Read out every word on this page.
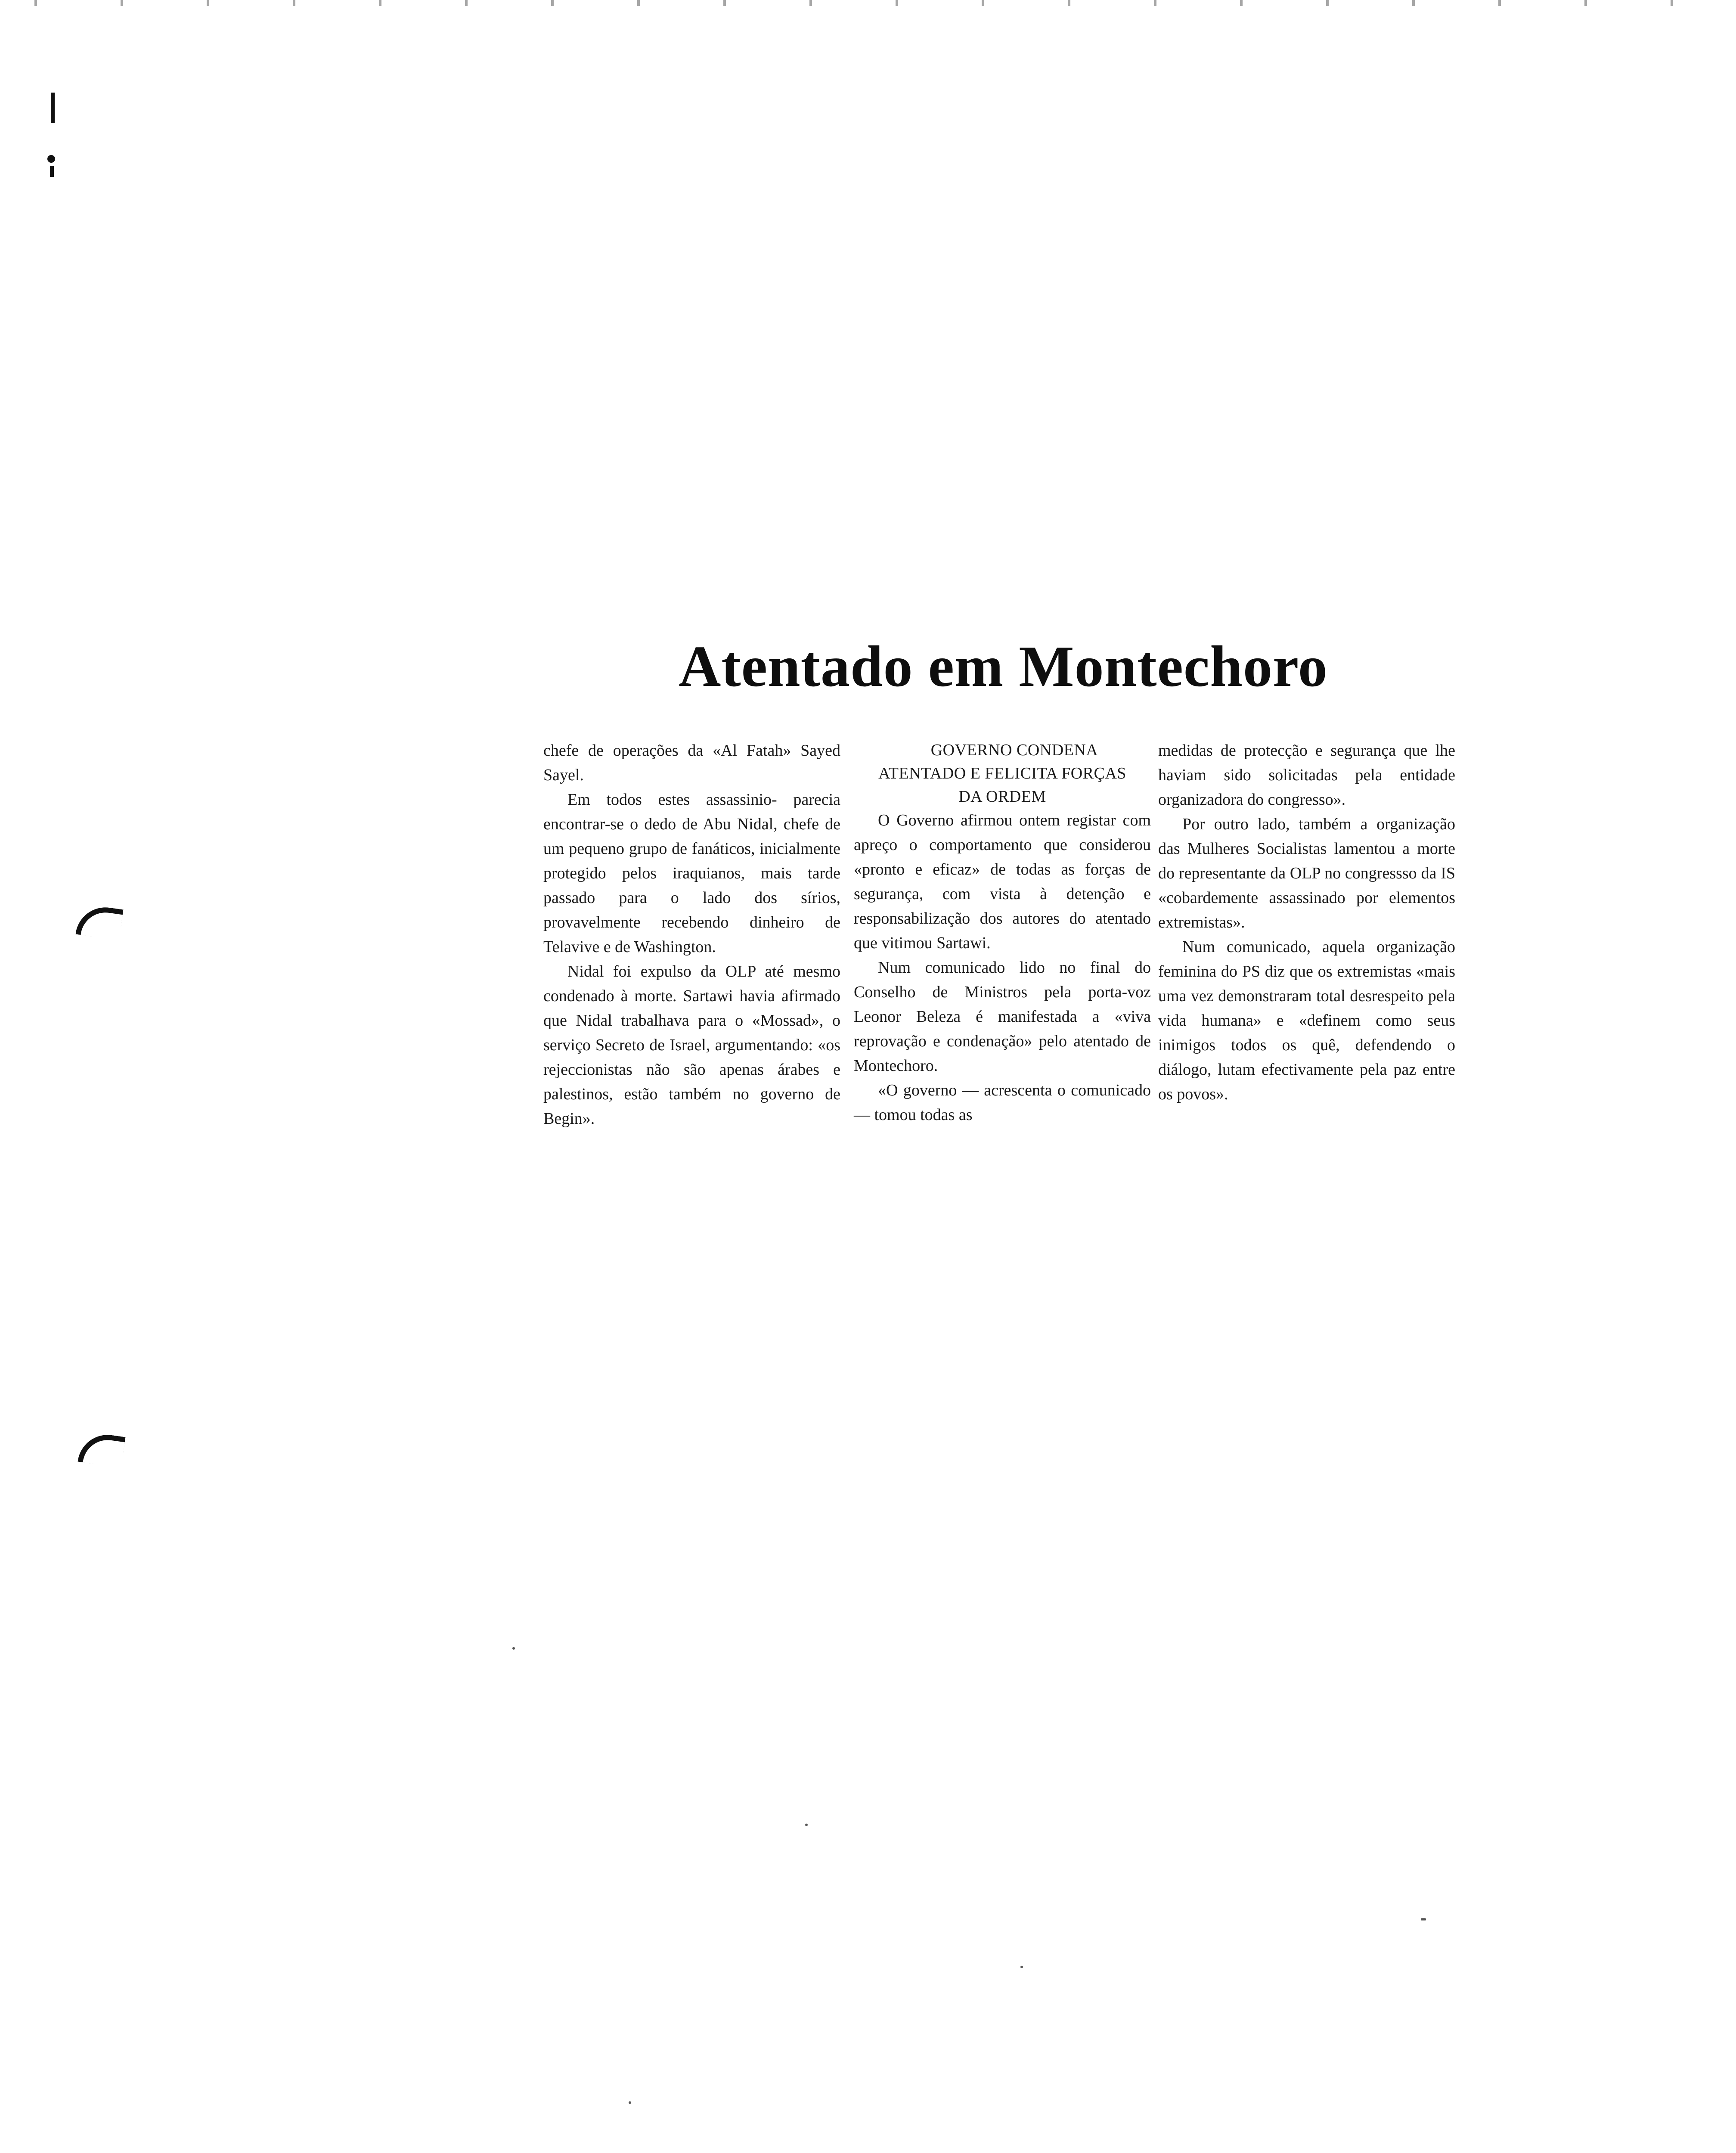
Atentado em Montechoro

chefe de operações da «Al Fatah» Sayed Sayel.

Em todos estes assassinio- parecia encontrar-se o dedo de Abu Nidal, chefe de um pequeno grupo de fanáticos, inicialmente protegido pelos iraquianos, mais tarde passado para o lado dos sírios, provavelmente recebendo dinheiro de Telavive e de Washington.

Nidal foi expulso da OLP até mesmo condenado à morte. Sartawi havia afirmado que Nidal trabalhava para o «Mossad», o serviço Secreto de Israel, argumentando: «os rejeccionistas não são apenas árabes e palestinos, estão também no governo de Begin».

GOVERNO CONDENA ATENTADO E FELICITA FORÇAS DA ORDEM

O Governo afirmou ontem registar com apreço o comportamento que considerou «pronto e eficaz» de todas as forças de segurança, com vista à detenção e responsabilização dos autores do atentado que vitimou Sartawi.

Num comunicado lido no final do Conselho de Ministros pela porta-voz Leonor Beleza é manifestada a «viva reprovação e condenação» pelo atentado de Montechoro.

«O governo — acrescenta o comunicado — tomou todas as

medidas de protecção e segurança que lhe haviam sido solicitadas pela entidade organizadora do congresso».

Por outro lado, também a organização das Mulheres Socialistas lamentou a morte do representante da OLP no congressso da IS «cobardemente assassinado por elementos extremistas».

Num comunicado, aquela organização feminina do PS diz que os extremistas «mais uma vez demonstraram total desrespeito pela vida humana» e «definem como seus inimigos todos os quê, defendendo o diálogo, lutam efectivamente pela paz entre os povos».
